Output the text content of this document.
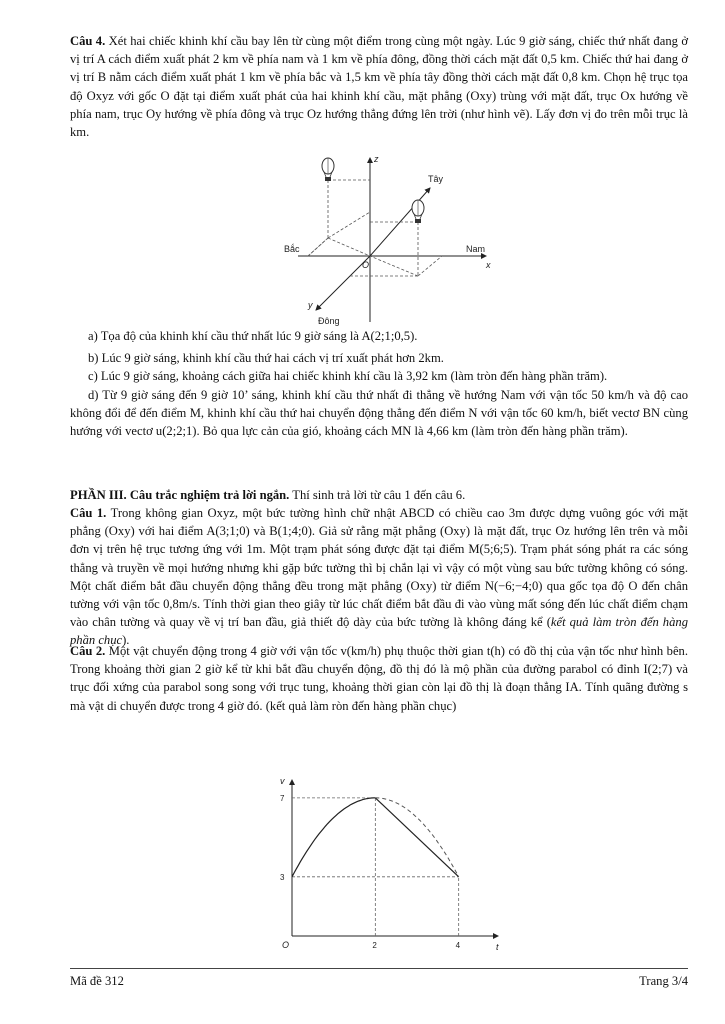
Câu 4. Xét hai chiếc khinh khí cầu bay lên từ cùng một điểm trong cùng một ngày. Lúc 9 giờ sáng, chiếc thứ nhất đang ở vị trí A cách điểm xuất phát 2 km về phía nam và 1 km về phía đông, đồng thời cách mặt đất 0,5 km. Chiếc thứ hai đang ở vị trí B nằm cách điểm xuất phát 1 km về phía bắc và 1,5 km về phía tây đồng thời cách mặt đất 0,8 km. Chọn hệ trục tọa độ Oxyz với gốc O đặt tại điểm xuất phát của hai khinh khí cầu, mặt phẳng (Oxy) trùng với mặt đất, trục Ox hướng về phía nam, trục Oy hướng về phía đông và trục Oz hướng thẳng đứng lên trời (như hình vẽ). Lấy đơn vị đo trên mỗi trục là km.

Tây
Bắc	Nam
Đông
x
y
z
O

a) Tọa độ của khinh khí cầu thứ nhất lúc 9 giờ sáng là A(2;1;0,5).

b) Lúc 9 giờ sáng, khinh khí cầu thứ hai cách vị trí xuất phát hơn 2km.

c) Lúc 9 giờ sáng, khoảng cách giữa hai chiếc khinh khí cầu là 3,92 km (làm tròn đến hàng phần trăm).

d) Từ 9 giờ sáng đến 9 giờ 10’ sáng, khinh khí cầu thứ nhất đi thẳng về hướng Nam với vận tốc 50 km/h và độ cao không đổi để đến điểm M, khinh khí cầu thứ hai chuyển động thẳng đến điểm N với vận tốc 60 km/h, biết vectơ BN cùng hướng với vectơ u(2;2;1). Bỏ qua lực cản của gió, khoảng cách MN là 4,66 km (làm tròn đến hàng phần trăm).

PHẦN III. Câu trắc nghiệm trả lời ngắn. Thí sinh trả lời từ câu 1 đến câu 6.

Câu 1. Trong không gian Oxyz, một bức tường hình chữ nhật ABCD có chiều cao 3m được dựng vuông góc với mặt phẳng (Oxy) với hai điểm A(3;1;0) và B(1;4;0). Giả sử rằng mặt phẳng (Oxy) là mặt đất, trục Oz hướng lên trên và mỗi đơn vị trên hệ trục tương ứng với 1m. Một trạm phát sóng được đặt tại điểm M(5;6;5). Trạm phát sóng phát ra các sóng thẳng và truyền về mọi hướng nhưng khi gặp bức tường thì bị chắn lại vì vậy có một vùng sau bức tường không có sóng. Một chất điểm bắt đầu chuyển động thẳng đều trong mặt phẳng (Oxy) từ điểm N(−6;−4;0) qua gốc tọa độ O đến chân tường với vận tốc 0,8m/s. Tính thời gian theo giây từ lúc chất điểm bắt đầu đi vào vùng mất sóng đến lúc chất điểm chạm vào chân tường và quay về vị trí ban đầu, giả thiết độ dày của bức tường là không đáng kể (kết quả làm tròn đến hàng phần chục).

Câu 2. Một vật chuyển động trong 4 giờ với vận tốc v(km/h) phụ thuộc thời gian t(h) có đồ thị của vận tốc như hình bên. Trong khoảng thời gian 2 giờ kể từ khi bắt đầu chuyển động, đồ thị đó là mộ phần của đường parabol có đỉnh I(2;7) và trục đối xứng của parabol song song với trục tung, khoảng thời gian còn lại đồ thị là đoạn thẳng IA. Tính quãng đường s mà vật di chuyển được trong 4 giờ đó. (kết quả làm ròn đến hàng phần chục)

t
v
O	2	4
3
7
Mã đề 312	Trang 3/4
